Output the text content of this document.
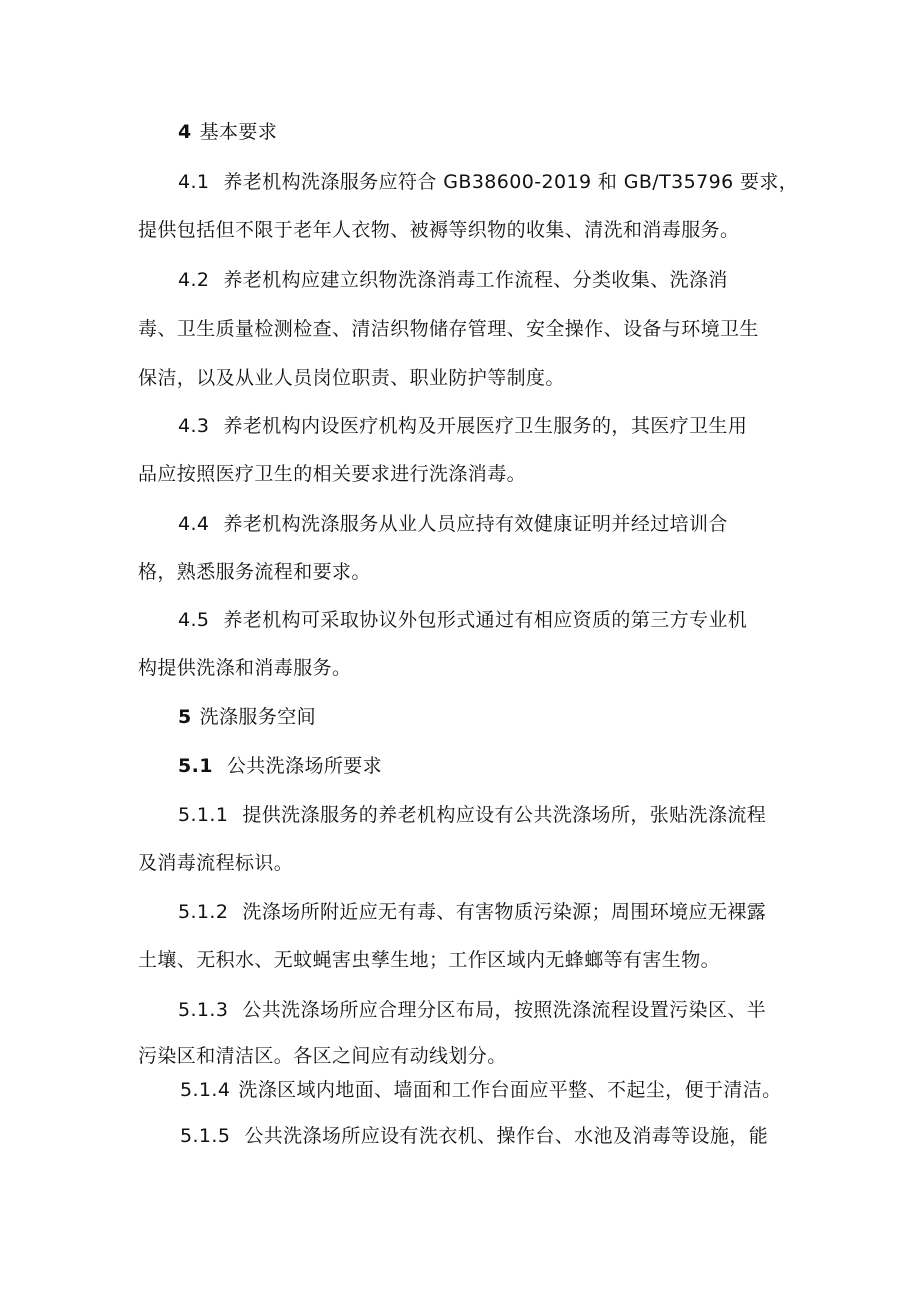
4 基本要求
4.1 养老机构洗涤服务应符合 GB38600-2019 和 GB/T35796 要求，
提供包括但不限于老年人衣物、被褥等织物的收集、清洗和消毒服务。
4.2 养老机构应建立织物洗涤消毒工作流程、分类收集、洗涤消
毒、卫生质量检测检查、清洁织物储存管理、安全操作、设备与环境卫生
保洁，以及从业人员岗位职责、职业防护等制度。
4.3 养老机构内设医疗机构及开展医疗卫生服务的，其医疗卫生用
品应按照医疗卫生的相关要求进行洗涤消毒。
4.4 养老机构洗涤服务从业人员应持有效健康证明并经过培训合
格，熟悉服务流程和要求。
4.5 养老机构可采取协议外包形式通过有相应资质的第三方专业机
构提供洗涤和消毒服务。
5 洗涤服务空间
5.1 公共洗涤场所要求
5.1.1 提供洗涤服务的养老机构应设有公共洗涤场所，张贴洗涤流程
及消毒流程标识。
5.1.2 洗涤场所附近应无有毒、有害物质污染源；周围环境应无裸露
土壤、无积水、无蚊蝇害虫孳生地；工作区域内无蜂螂等有害生物。
5.1.3 公共洗涤场所应合理分区布局，按照洗涤流程设置污染区、半
污染区和清洁区。各区之间应有动线划分。
5.1.4 洗涤区域内地面、墙面和工作台面应平整、不起尘，便于清洁。
5.1.5 公共洗涤场所应设有洗衣机、操作台、水池及消毒等设施，能
